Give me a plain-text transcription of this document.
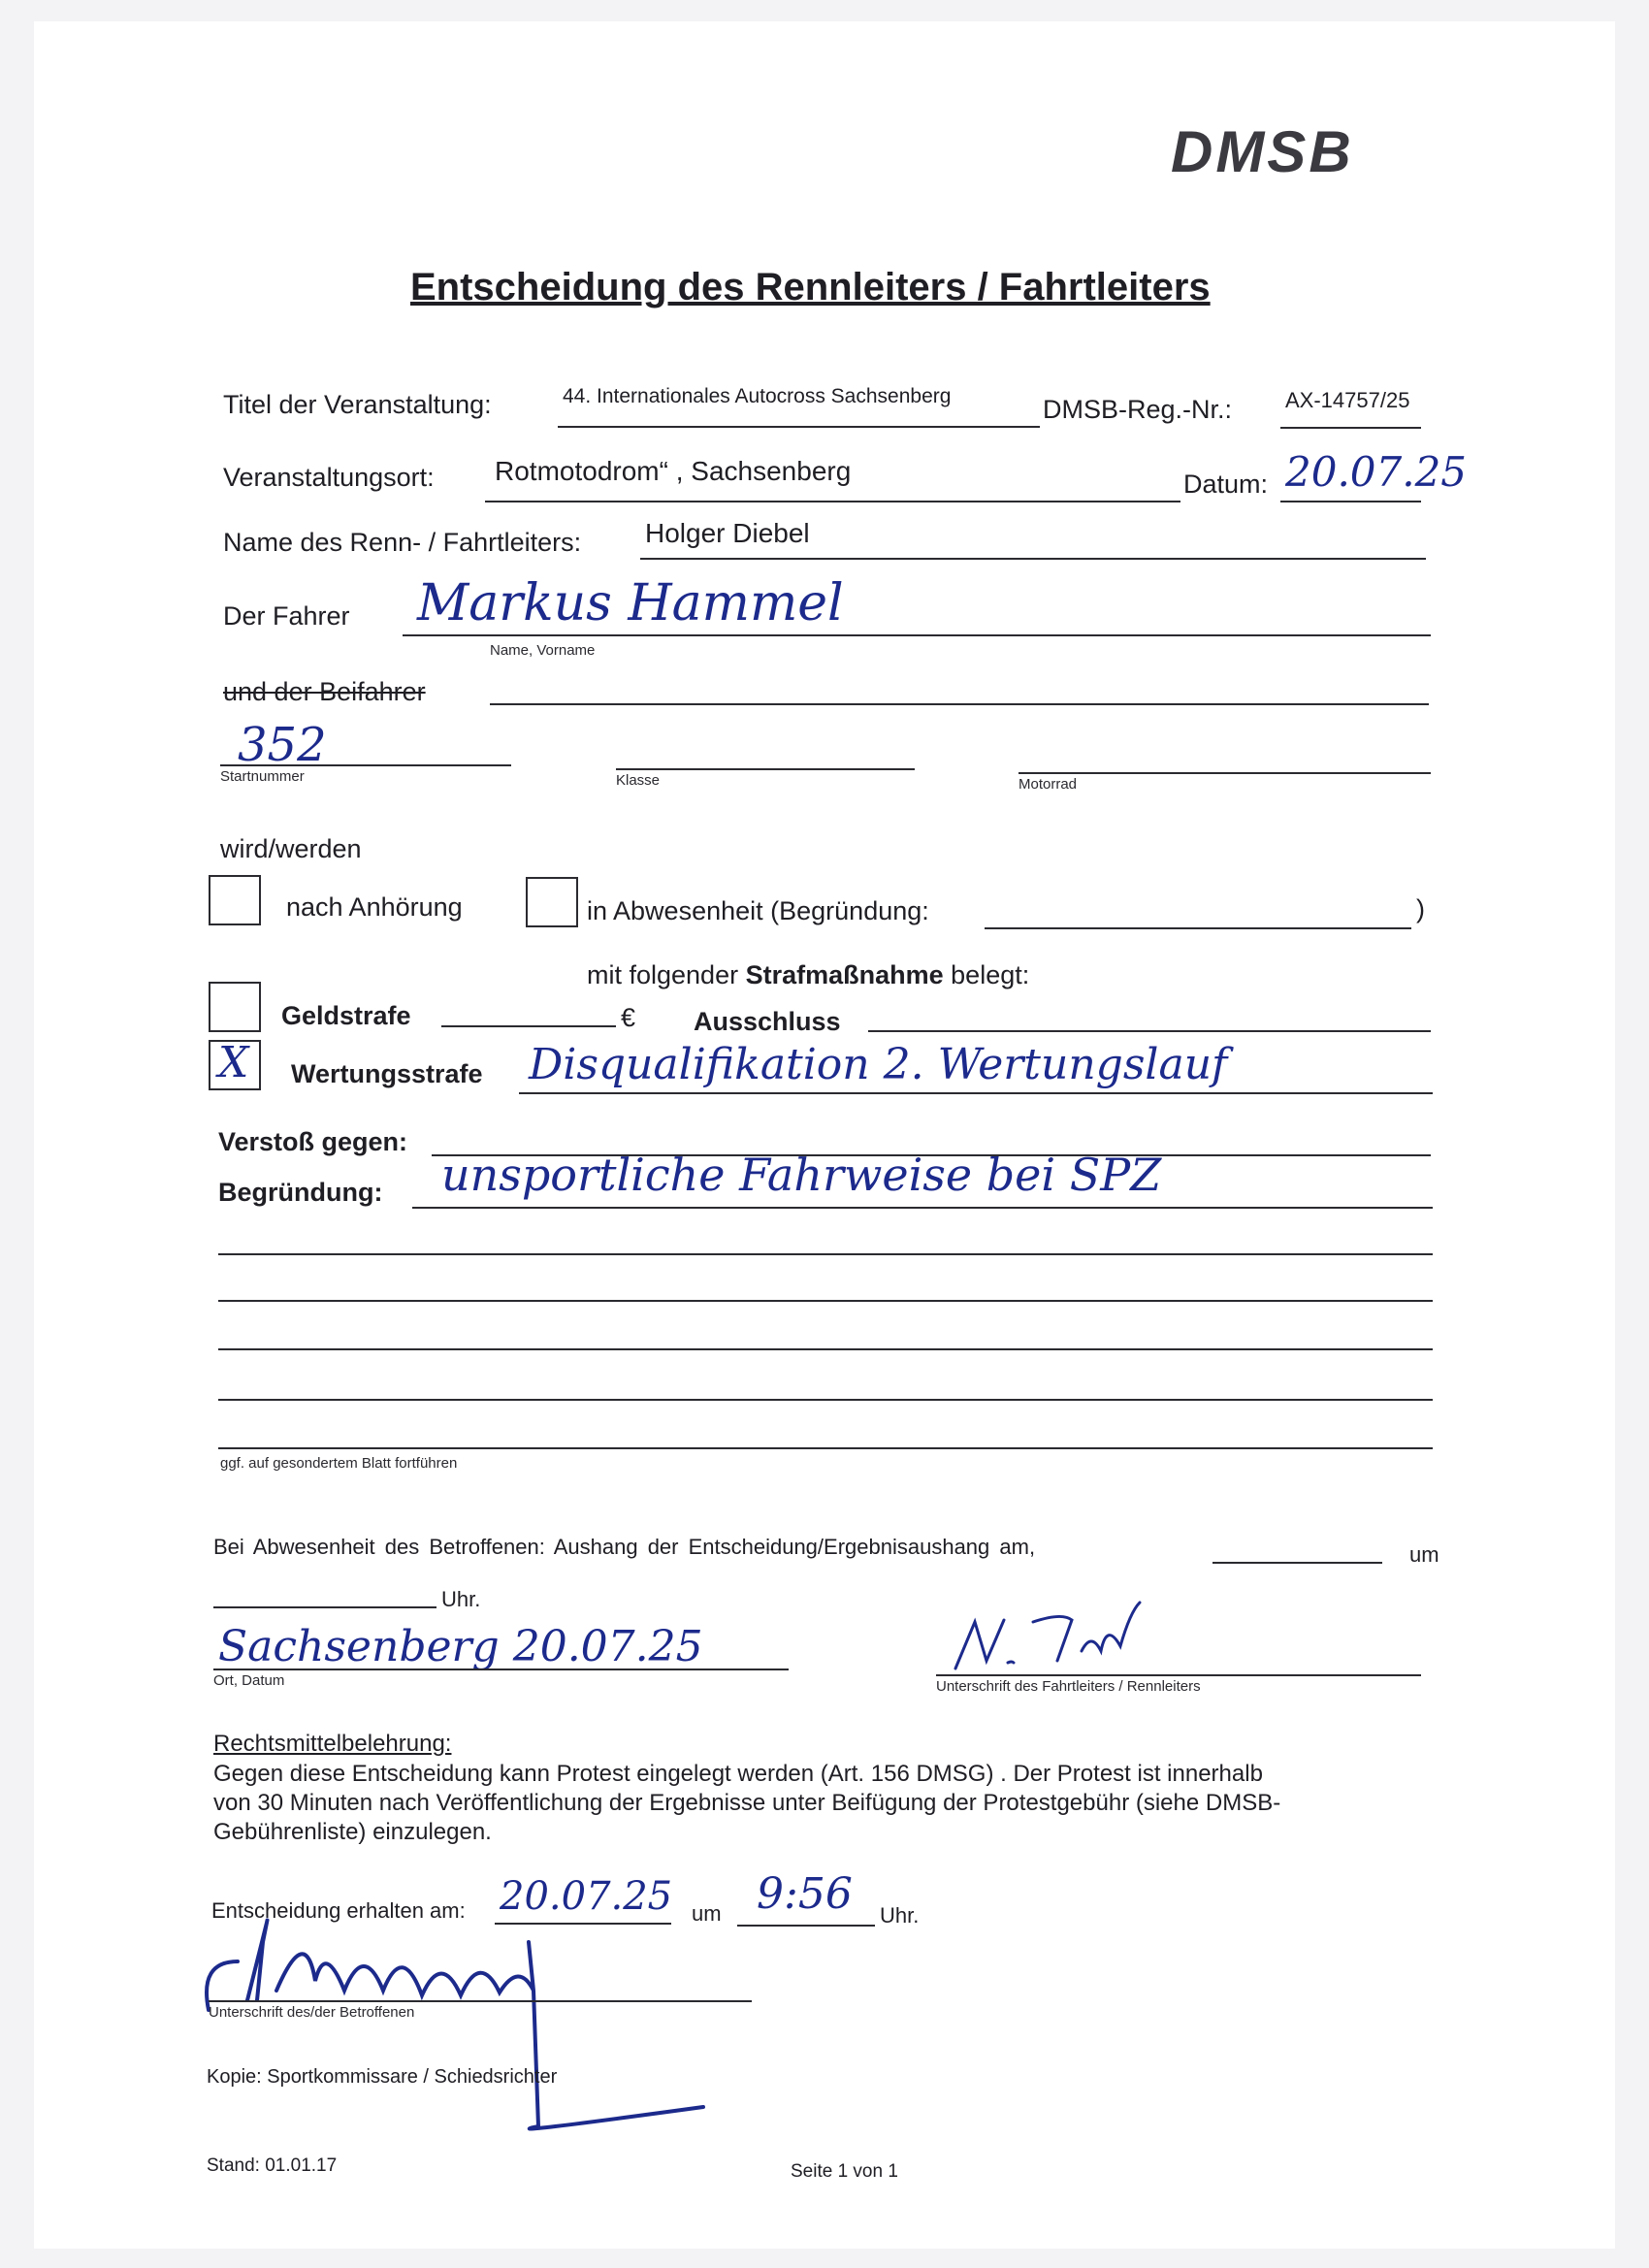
DMSB
Entscheidung des Rennleiters / Fahrtleiters
Titel der Veranstaltung:	44. Internationales Autocross Sachsenberg	DMSB-Reg.-Nr.: AX-14757/25
Veranstaltungsort: Rotmotodrom“ , Sachsenberg	Datum: 20.07.25
Name des Renn- / Fahrtleiters: Holger Diebel
Der Fahrer Markus Hammel
Name, Vorname
und der Beifahrer
352
Startnummer	Klasse	Motorrad
wird/werden
nach Anhörung	in Abwesenheit (Begründung:	)
mit folgender Strafmaßnahme belegt:
Geldstrafe	€ Ausschluss
X Wertungsstrafe Disqualifikation 2. Wertungslauf
Verstoß gegen:
Begründung: unsportliche Fahrweise bei SPZ
ggf. auf gesondertem Blatt fortführen
Bei Abwesenheit des Betroffenen: Aushang der Entscheidung/Ergebnisaushang am,	um
Uhr.
Sachsenberg 20.07.25
Ort, Datum	Unterschrift des Fahrtleiters / Rennleiters
Rechtsmittelbelehrung:
Gegen diese Entscheidung kann Protest eingelegt werden (Art. 156 DMSG) . Der Protest ist innerhalb
von 30 Minuten nach Veröffentlichung der Ergebnisse unter Beifügung der Protestgebühr (siehe DMSB-
Gebührenliste) einzulegen.
Entscheidung erhalten am: 20.07.25 um 9:56 Uhr.
Unterschrift des/der Betroffenen
Kopie: Sportkommissare / Schiedsrichter
Stand: 01.01.17	Seite 1 von 1
